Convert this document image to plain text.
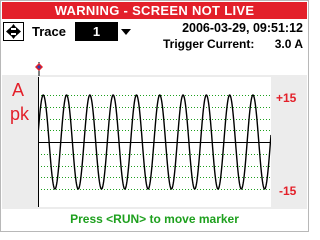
WARNING - SCREEN NOT LIVE
Trace	1	2006-03-29, 09:51:12
Trigger Current: 3.0 A
A
pk
+15
-15
Press <RUN> to move marker
